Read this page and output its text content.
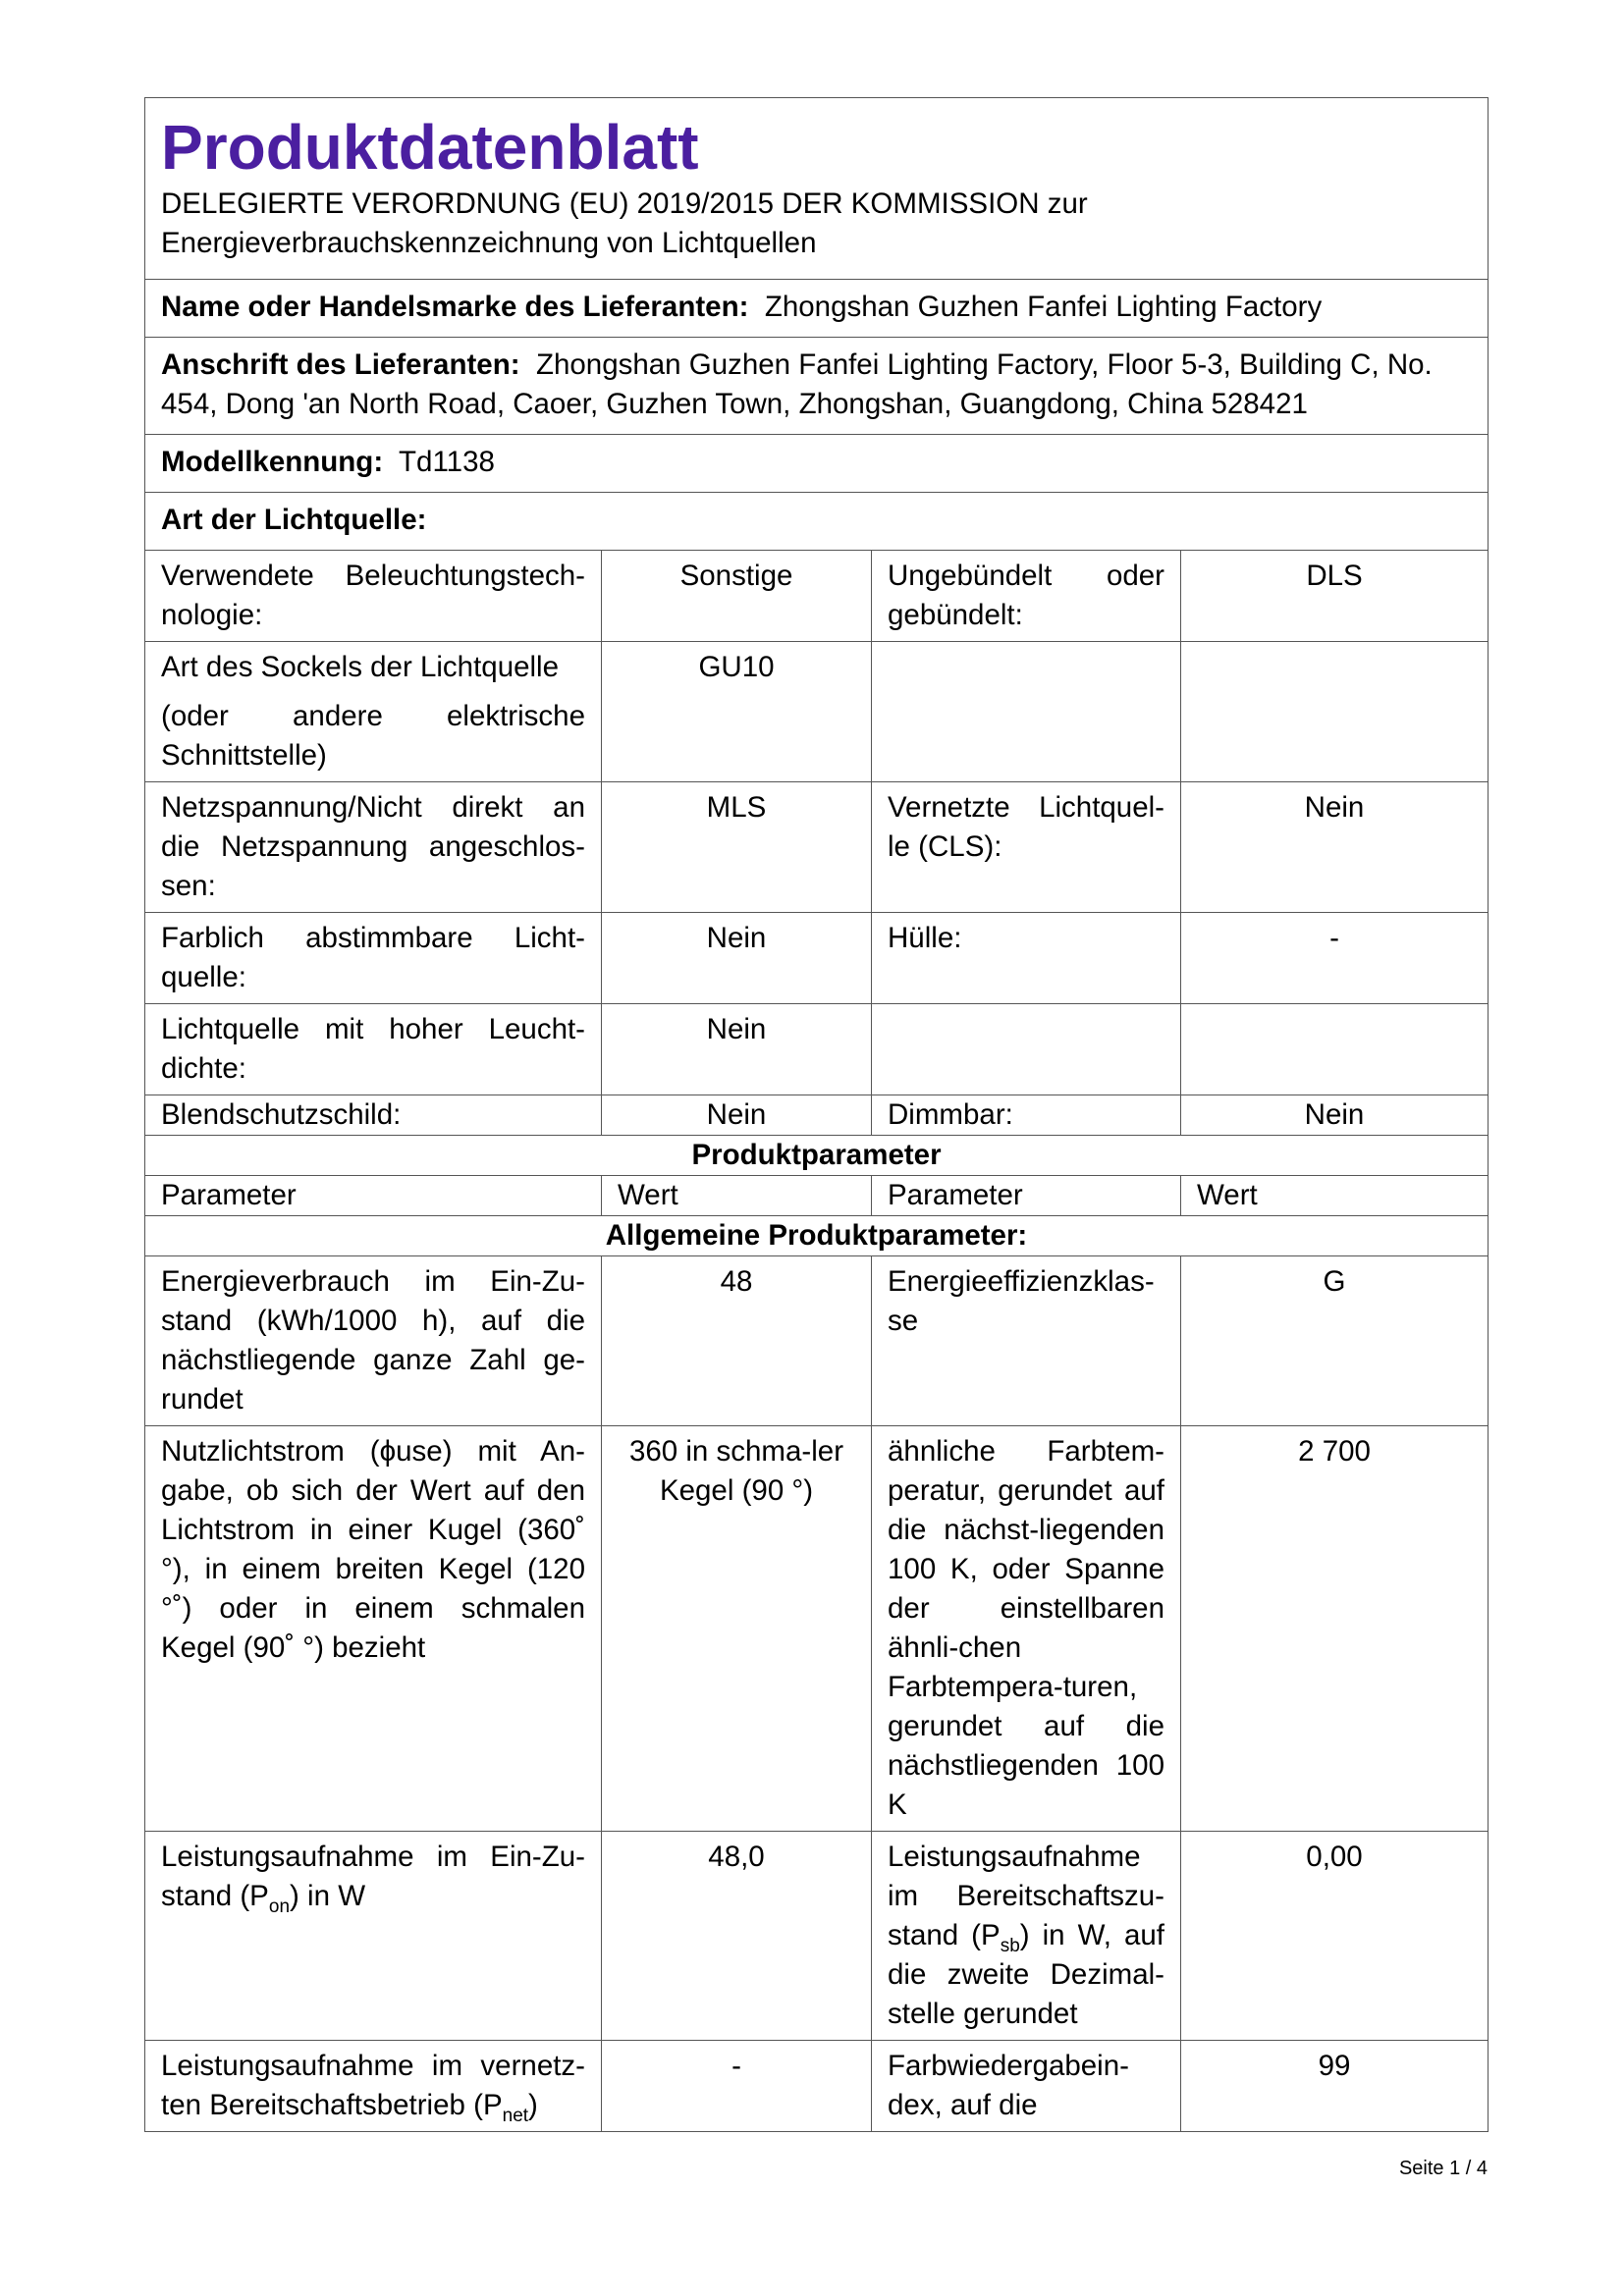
Produktdatenblatt
DELEGIERTE VERORDNUNG (EU) 2019/2015 DER KOMMISSION zur
Energieverbrauchskennzeichnung von Lichtquellen			

Name oder Handelsmarke des Lieferanten: Zhongshan Guzhen Fanfei Lighting Factory			
Anschrift des Lieferanten: Zhongshan Guzhen Fanfei Lighting Factory, Floor 5-3, Building C, No. 454, Dong 'an North Road, Caoer, Guzhen Town, Zhongshan, Guangdong, China 528421			
Modellkennung: Td1138			
Art der Lichtquelle:			
Verwendete Beleuchtungstech-nologie:	Sonstige	Ungebündelt oder gebündelt:	DLS

Art des Sockels der Lichtquelle
(oder andere elektrische Schnittstelle)	GU10		
Netzspannung/Nicht direkt an die Netzspannung angeschlos-sen:	MLS	Vernetzte Lichtquel-le (CLS):	Nein
Farblich abstimmbare Licht-quelle:	Nein	Hülle:	-
Lichtquelle mit hoher Leucht-dichte:	Nein		
Blendschutzschild:	Nein	Dimmbar:	Nein
Produktparameter			
Parameter	Wert	Parameter	Wert
Allgemeine Produktparameter:			
Energieverbrauch im Ein-Zu-stand (kWh/1000 h), auf die nächstliegende ganze Zahl ge-rundet	48	Energieeffizienzklas-se	G
Nutzlichtstrom (ϕuse) mit An-gabe, ob sich der Wert auf den Lichtstrom in einer Kugel (360˚ °), in einem breiten Kegel (120 °˚) oder in einem schmalen Kegel (90˚ °) bezieht	360 in schma-ler Kegel (90 °)	ähnliche Farbtem-peratur, gerundet auf die nächst-liegenden 100 K, oder Spanne der einstellbaren ähnli-chen Farbtempera-turen, gerundet auf die nächstliegenden 100 K	2 700
Leistungsaufnahme im Ein-Zu-stand $(P_{on})$ in W	48,0	Leistungsaufnahme im Bereitschaftszu-stand $(P_{sb})$ in W, auf die zweite Dezimal-stelle gerundet	0,00
Leistungsaufnahme im vernetz-ten Bereitschaftsbetrieb $(P_{net})$	-	Farbwiedergabein-dex, auf die	99
Seite 1 / 4
